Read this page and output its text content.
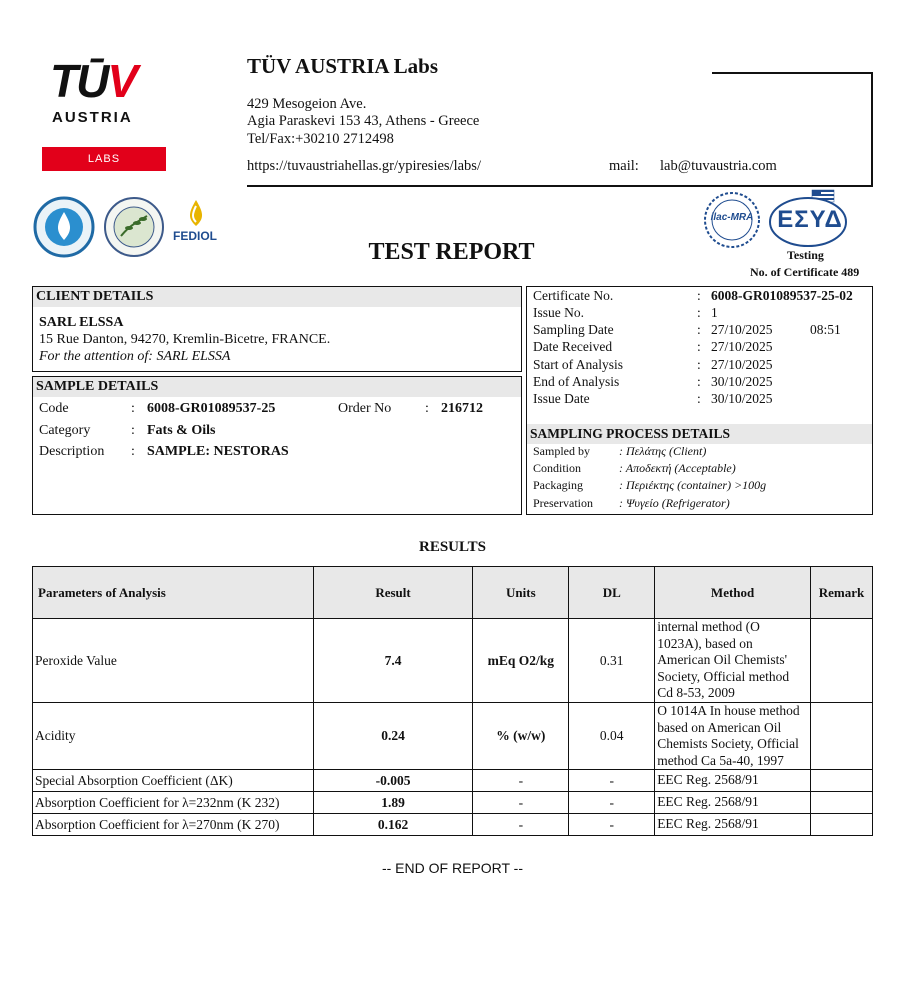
TŪV
AUSTRIA
LABS
TÜV AUSTRIA Labs
429 Mesogeion Ave.
Agia Paraskevi 153 43, Athens - Greece
Tel/Fax:+30210 2712498
https://tuvaustriahellas.gr/ypiresies/labs/	mail: lab@tuvaustria.com
FEDIOL
ilac-MRA ΕΣΥΔ
Testing
No. of Certificate 489
TEST REPORT
CLIENT DETAILS
SARL ELSSA
15 Rue Danton, 94270, Kremlin-Bicetre, FRANCE.
For the attention of: SARL ELSSA
SAMPLE DETAILS
Code	: 6008-GR01089537-25	Order No : 216712
Category	: Fats & Oils
Description : SAMPLE: NESTORAS
Certificate No.	: 6008-GR01089537-25-02
Issue No.	: 1
Sampling Date	: 27/10/2025	08:51
Date Received	: 27/10/2025
Start of Analysis	: 27/10/2025
End of Analysis	: 30/10/2025
Issue Date	: 30/10/2025
SAMPLING PROCESS DETAILS
Sampled by : Πελάτης (Client)
Condition	: Αποδεκτή (Acceptable)
Packaging	: Περιέκτης (container) >100g
Preservation : Ψυγείο (Refrigerator)
RESULTS
Parameters of Analysis	Result	Units	DL	Method	Remark
Peroxide Value	7.4	mEq O2/kg	0.31	internal method (O
1023A), based on
American Oil Chemists'
Society, Official method
Cd 8-53, 2009	

Acidity	0.24	% (w/w)	0.04	O 1014A In house method
based on American Oil
Chemists Society, Official
method Ca 5a-40, 1997	

Special Absorption Coefficient (ΔK)	-0.005	-	-	EEC Reg. 2568/91	
Absorption Coefficient for λ=232nm (K 232)	1.89	-	-	EEC Reg. 2568/91	
Absorption Coefficient for λ=270nm (K 270)	0.162	-	-	EEC Reg. 2568/91	
-- END OF REPORT --
